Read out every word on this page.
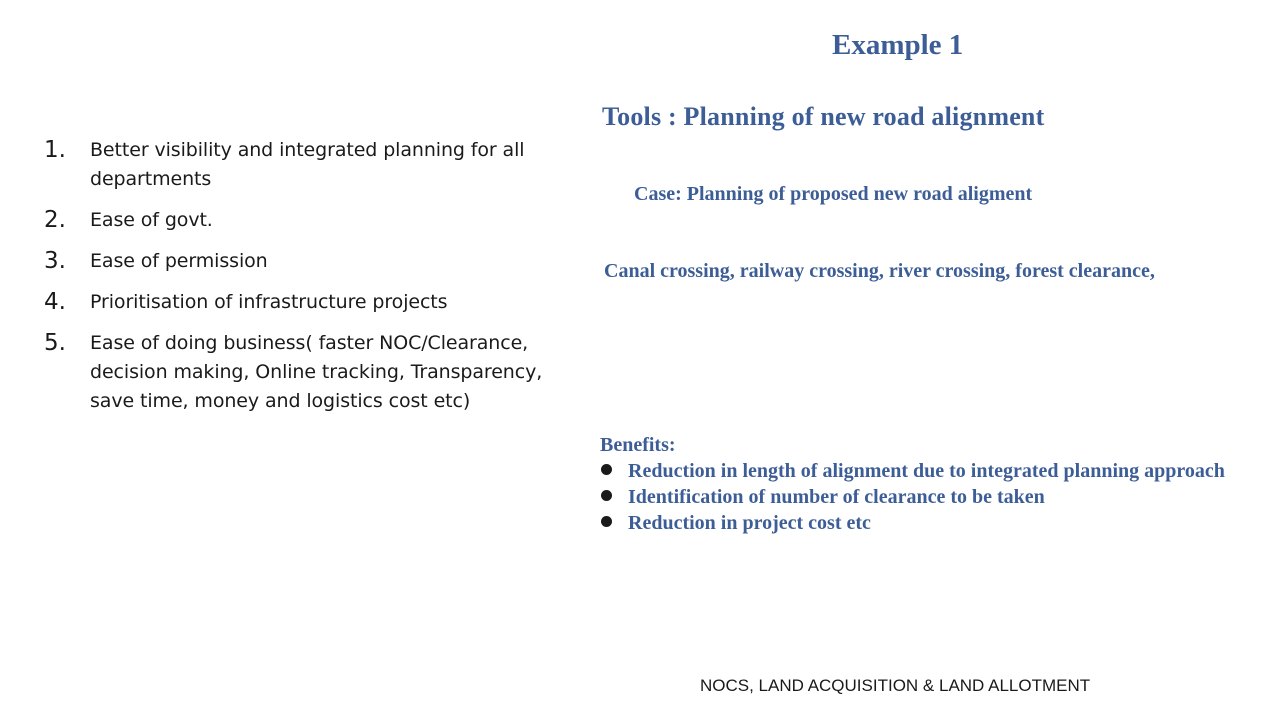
1. Better visibility and integrated planning for all departments
2. Ease of govt.
3. Ease of permission
4. Prioritisation of infrastructure projects
5. Ease of doing business( faster NOC/Clearance, decision making, Online tracking, Transparency, save time, money and logistics cost etc)
Example 1
Tools : Planning of new road alignment
Case: Planning of proposed new road aligment
Canal crossing, railway crossing, river crossing, forest clearance,
Benefits:
Reduction in length of alignment due to integrated planning approach
Identification of number of clearance to be taken
Reduction in project cost etc
NOCS, LAND ACQUISITION & LAND ALLOTMENT
